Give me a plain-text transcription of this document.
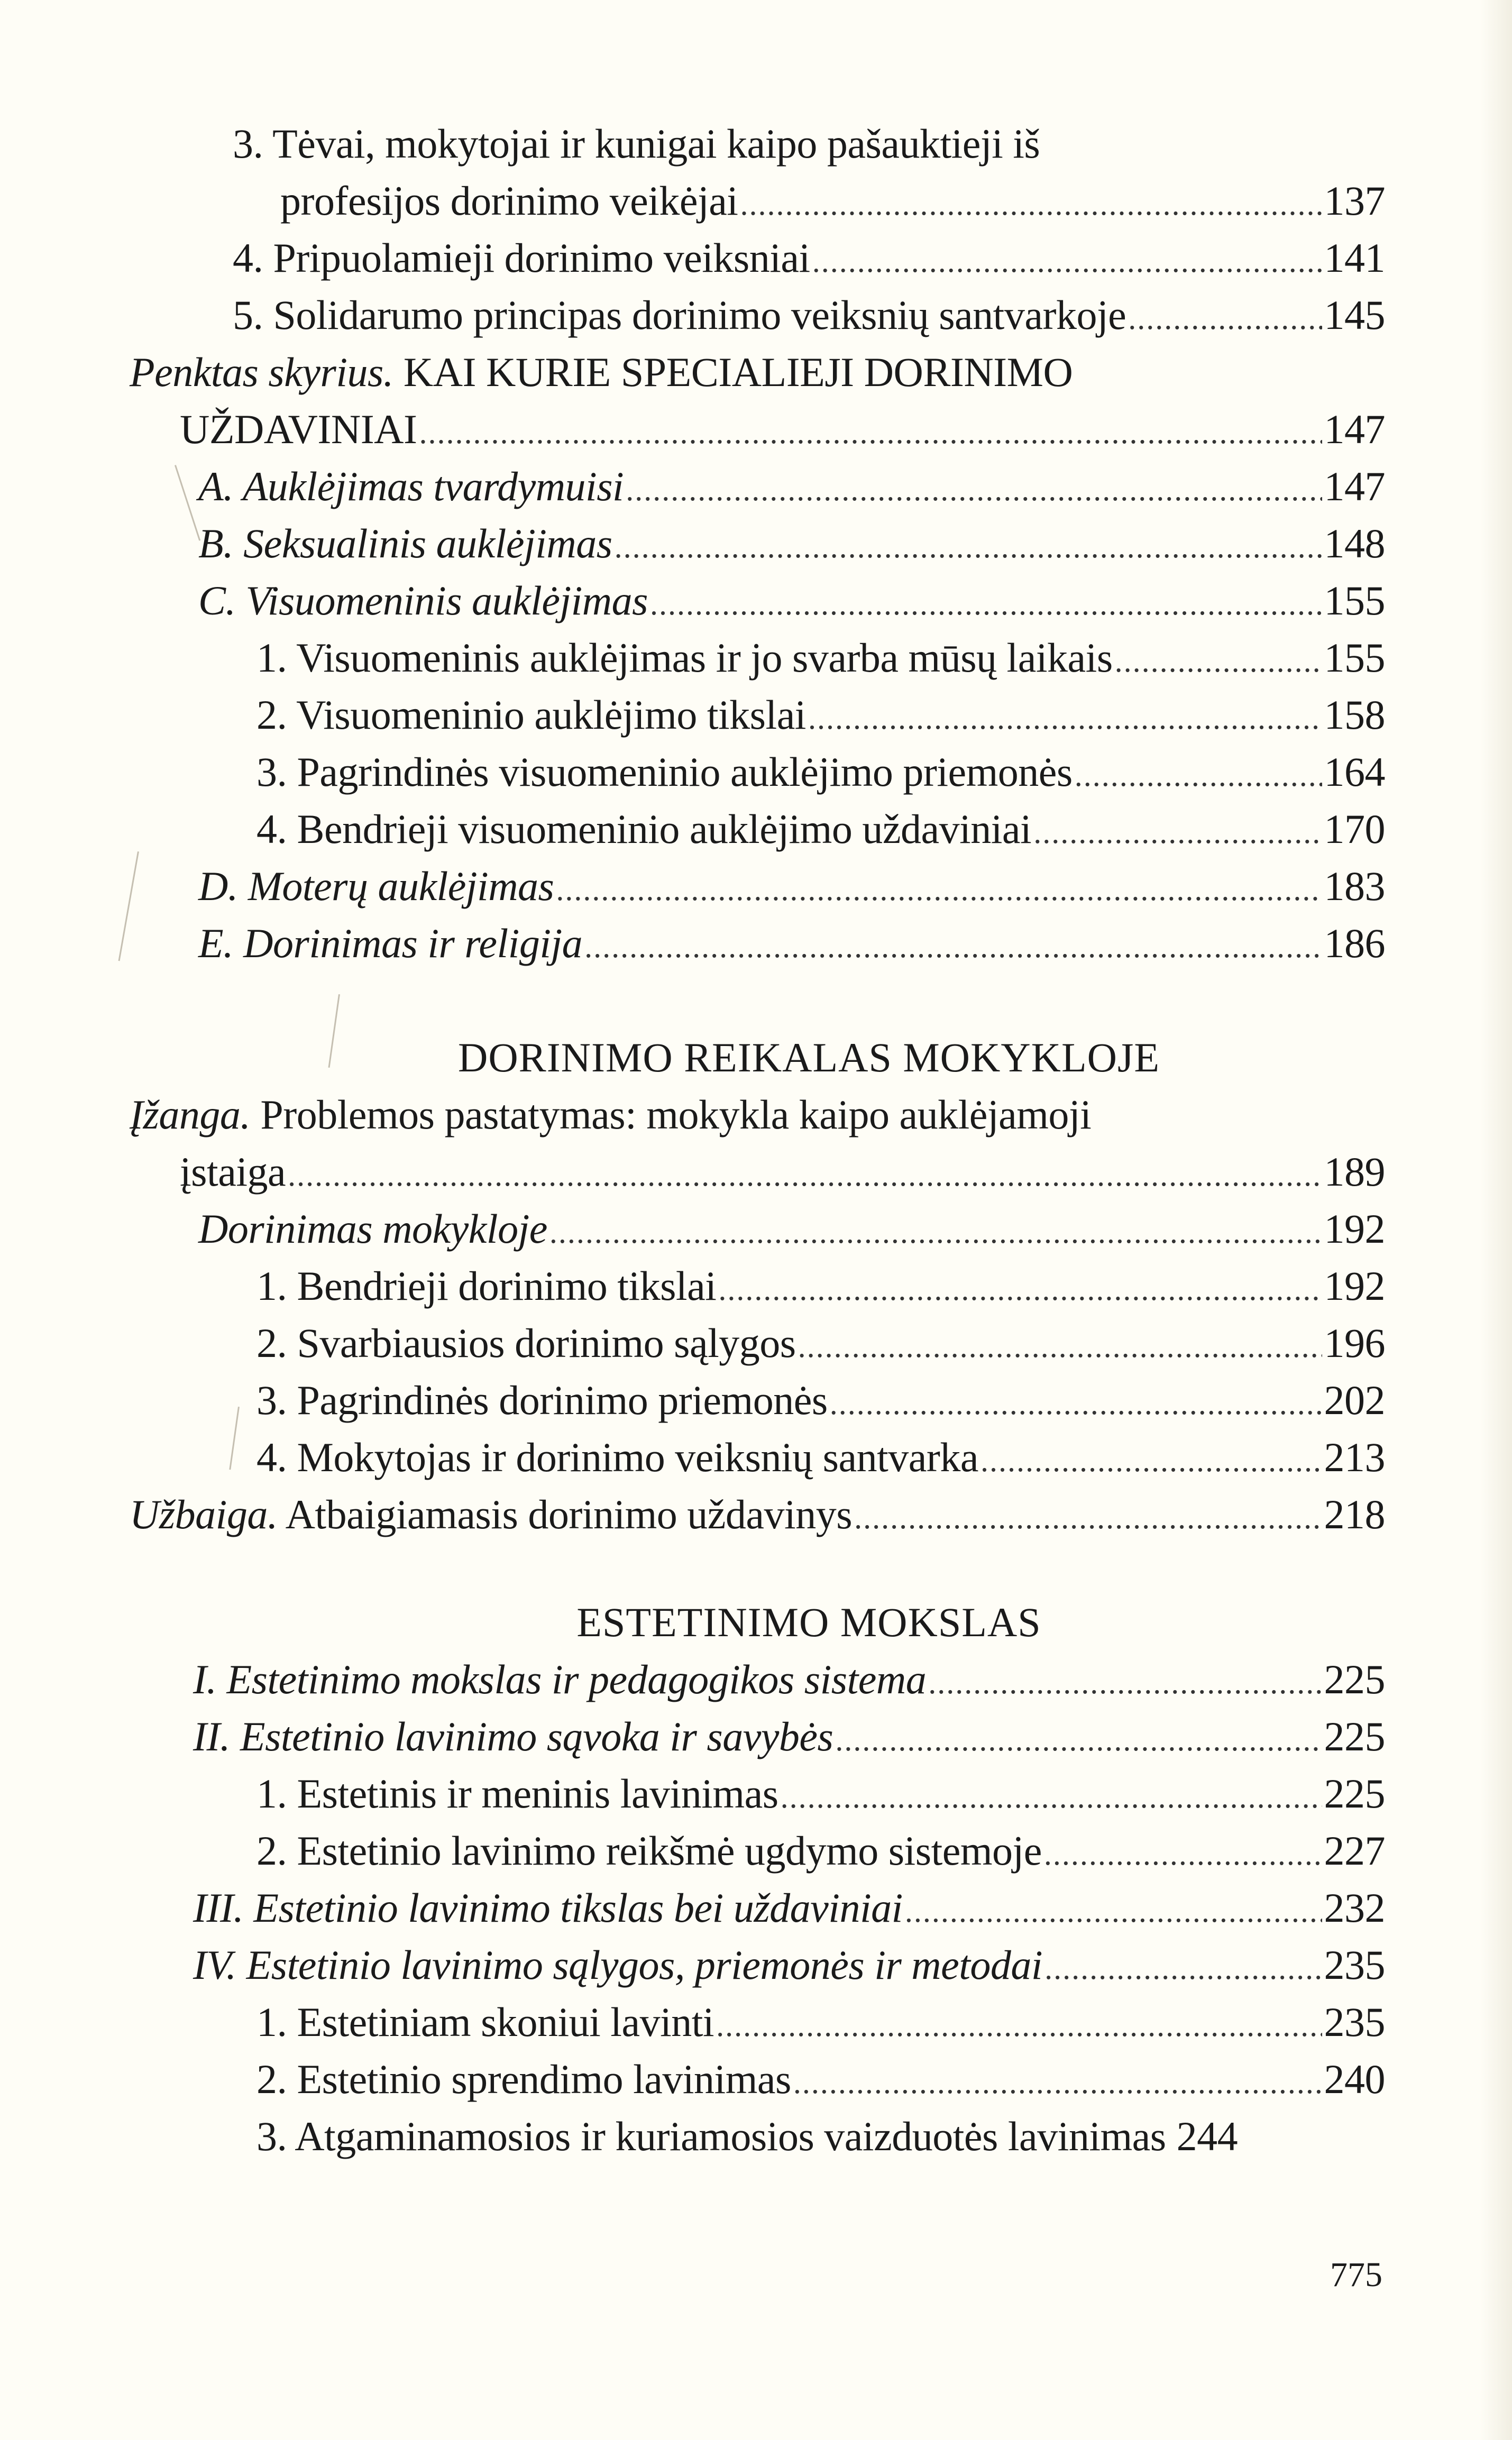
3. Tėvai, mokytojai ir kunigai kaipo pašauktieji iš
profesijos dorinimo veikėjai .....	137
4. Pripuolamieji dorinimo veiksniai .....	141
5. Solidarumo principas dorinimo veiksnių santvarkoje .....	145
Penktas skyrius. KAI KURIE SPECIALIEJI DORINIMO
UŽDAVINIAI .....	147
A. Auklėjimas tvardymuisi .....	147
B. Seksualinis auklėjimas .....	148
C. Visuomeninis auklėjimas .....	155
1. Visuomeninis auklėjimas ir jo svarba mūsų laikais .....	155
2. Visuomeninio auklėjimo tikslai .....	158
3. Pagrindinės visuomeninio auklėjimo priemonės .....	164
4. Bendrieji visuomeninio auklėjimo uždaviniai .....	170
D. Moterų auklėjimas .....	183
E. Dorinimas ir religija .....	186
DORINIMO REIKALAS MOKYKLOJE
Įžanga. Problemos pastatymas: mokykla kaipo auklėjamoji
įstaiga .....	189
Dorinimas mokykloje .....	192
1. Bendrieji dorinimo tikslai .....	192
2. Svarbiausios dorinimo sąlygos .....	196
3. Pagrindinės dorinimo priemonės .....	202
4. Mokytojas ir dorinimo veiksnių santvarka .....	213
Užbaiga. Atbaigiamasis dorinimo uždavinys .....	218
ESTETINIMO MOKSLAS
I. Estetinimo mokslas ir pedagogikos sistema .....	225
II. Estetinio lavinimo sąvoka ir savybės .....	225
1. Estetinis ir meninis lavinimas .....	225
2. Estetinio lavinimo reikšmė ugdymo sistemoje .....	227
III. Estetinio lavinimo tikslas bei uždaviniai .....	232
IV. Estetinio lavinimo sąlygos, priemonės ir metodai .....	235
1. Estetiniam skoniui lavinti .....	235
2. Estetinio sprendimo lavinimas .....	240
3. Atgaminamosios ir kuriamosios vaizduotės lavinimas 244
775
